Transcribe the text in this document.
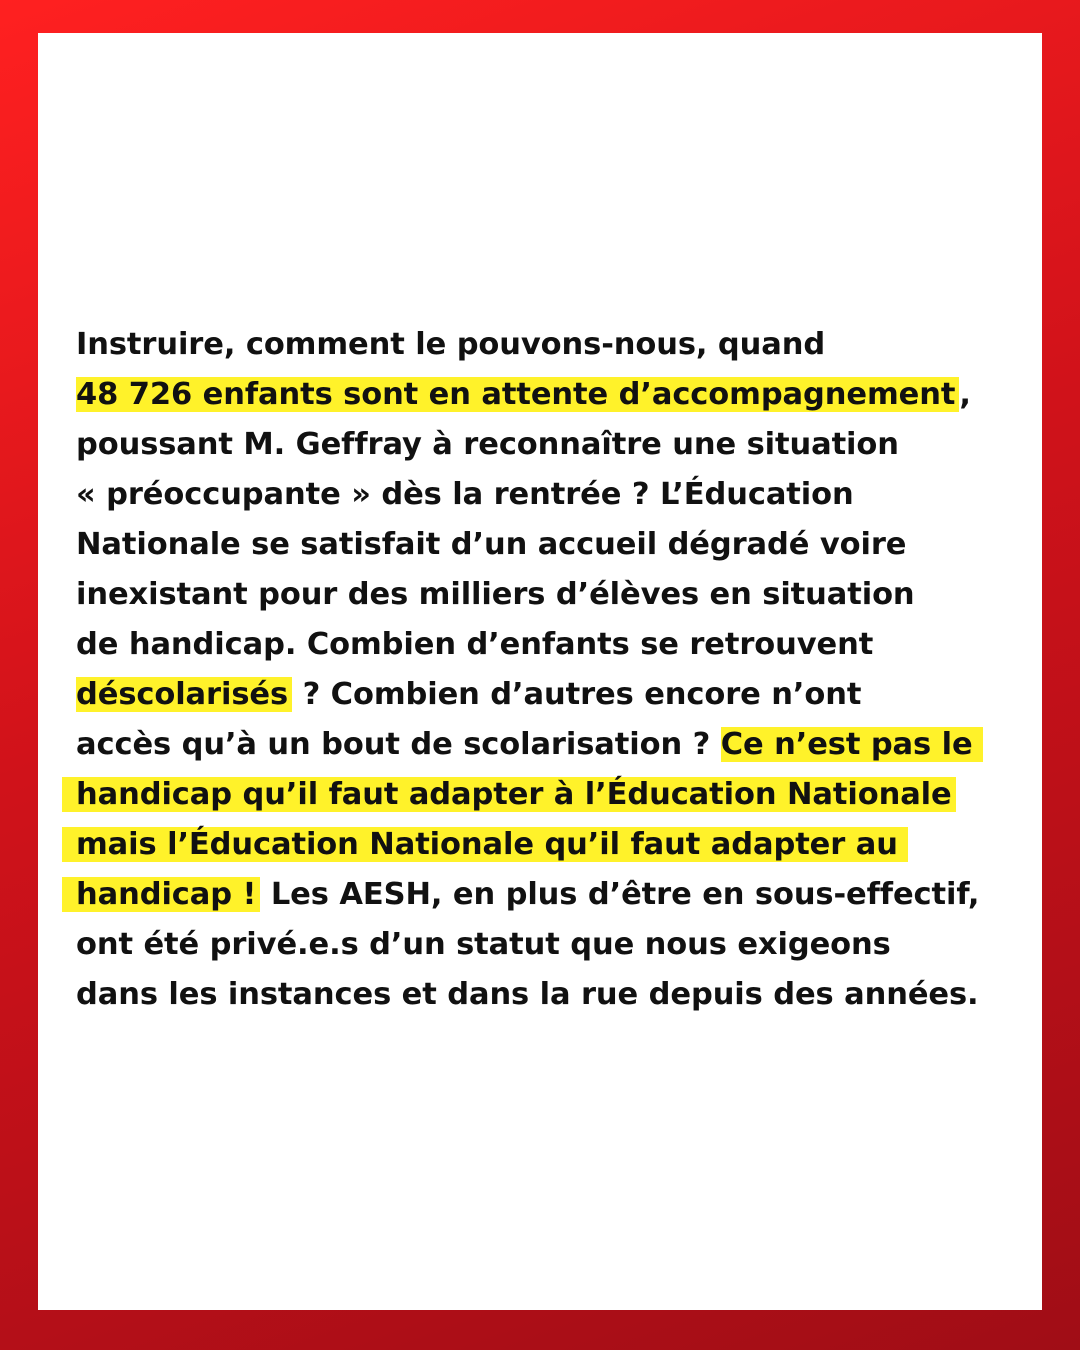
Instruire, comment le pouvons-nous, quand
48 726 enfants sont en attente d’accompagnement ,
poussant M. Geffray à reconnaître une situation
« préoccupante » dès la rentrée ? L’Éducation
Nationale se satisfait d’un accueil dégradé voire
inexistant pour des milliers d’élèves en situation
de handicap. Combien d’enfants se retrouvent
déscolarisés ? Combien d’autres encore n’ont
accès qu’à un bout de scolarisation ? Ce n’est pas le
handicap qu’il faut adapter à l’Éducation Nationale
mais l’Éducation Nationale qu’il faut adapter au
handicap ! Les AESH, en plus d’être en sous-effectif,
ont été privé.e.s d’un statut que nous exigeons
dans les instances et dans la rue depuis des années.
